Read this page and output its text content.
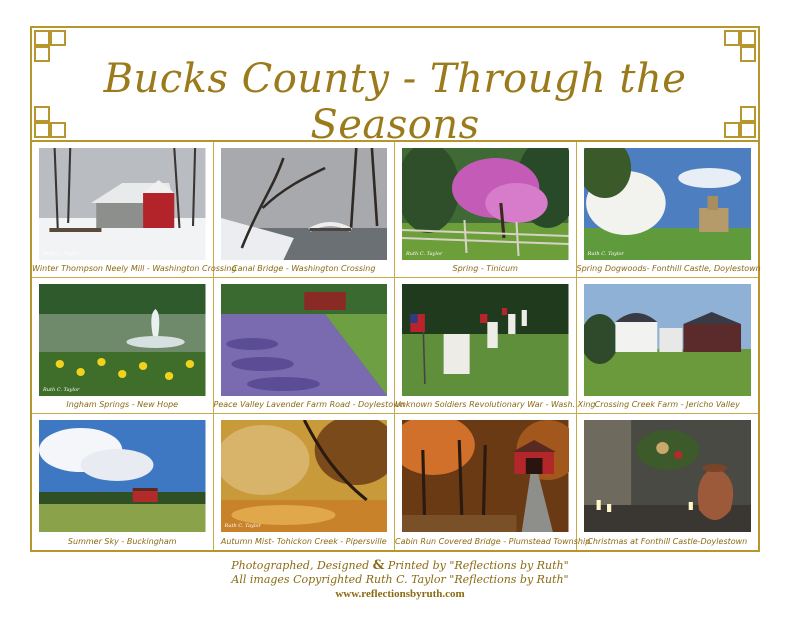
Bucks County - Through the Seasons
Ruth C. Taylor
Winter Thompson Neely Mill - Washington Crossing
Canal Bridge - Washington Crossing
Ruth C. Taylor
Spring - Tinicum
Ruth C. Taylor
Spring Dogwoods- Fonthill Castle, Doylestown
Ruth C. Taylor
Ingham Springs - New Hope	Peace Valley Lavender Farm Road - Doylestown
Unknown Soldiers Revolutionary War - Wash. Xing Crossing Creek Farm - Jericho Valley
Summer Sky - Buckingham
Ruth C. Taylor
Autumn Mist- Tohickon Creek - Pipersville	Cabin Run Covered Bridge - Plumstead Township
Christmas at Fonthill Castle-Doylestown
Photographed, Designed & Printed by "Reflections by Ruth"
All images Copyrighted Ruth C. Taylor "Reflections by Ruth"
www.reflectionsbyruth.com
